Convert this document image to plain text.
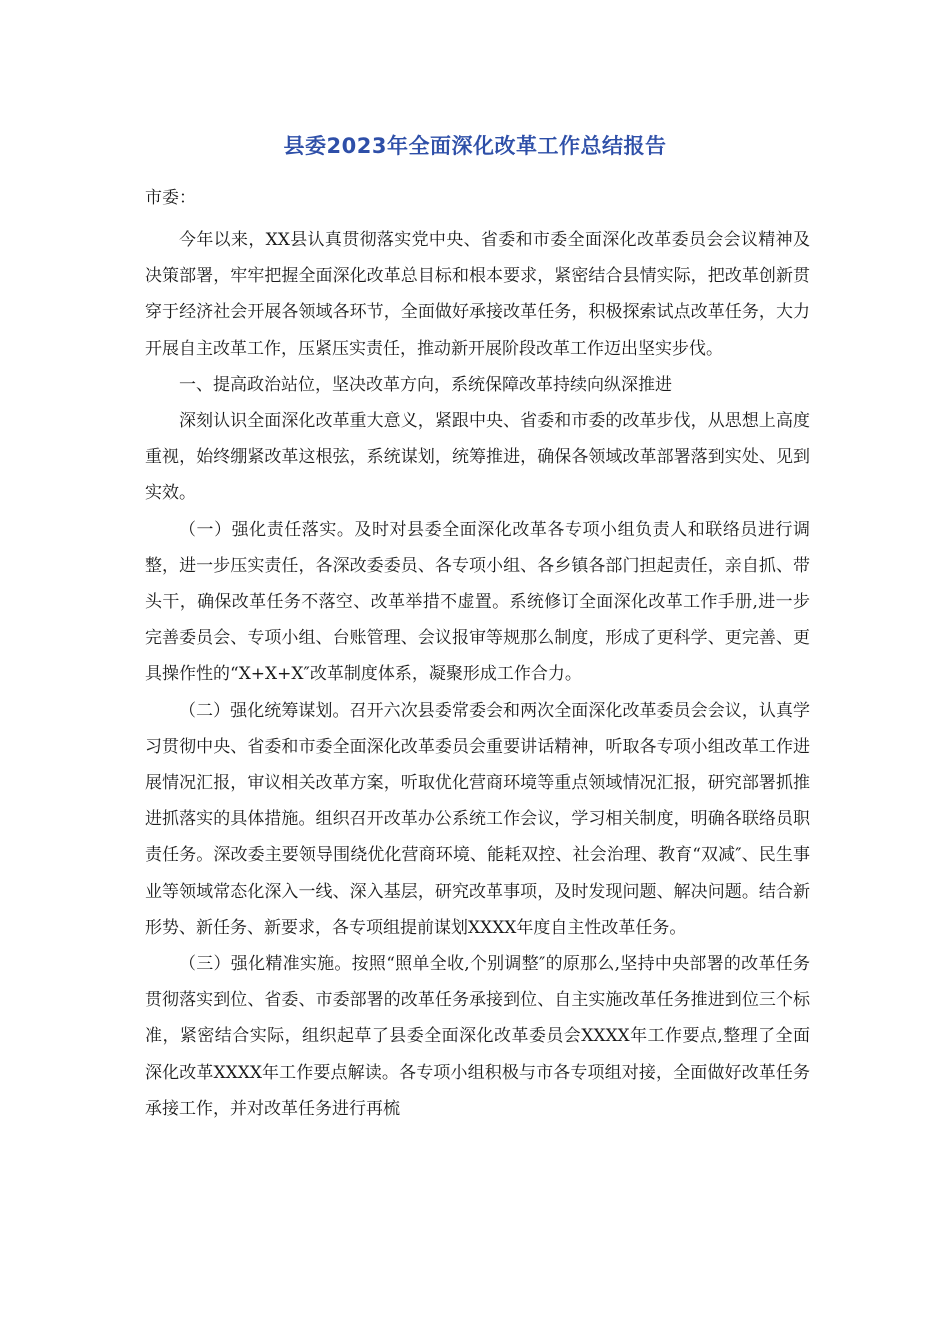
县委2023年全面深化改革工作总结报告

市委：

今年以来，XX县认真贯彻落实党中央、省委和市委全面深化改革委员会会议精神及决策部署，牢牢把握全面深化改革总目标和根本要求，紧密结合县情实际，把改革创新贯穿于经济社会开展各领域各环节，全面做好承接改革任务，积极探索试点改革任务，大力开展自主改革工作，压紧压实责任，推动新开展阶段改革工作迈出坚实步伐。

一、提高政治站位，坚决改革方向，系统保障改革持续向纵深推进

深刻认识全面深化改革重大意义，紧跟中央、省委和市委的改革步伐，从思想上高度重视，始终绷紧改革这根弦，系统谋划，统筹推进，确保各领域改革部署落到实处、见到实效。

（一）强化责任落实。及时对县委全面深化改革各专项小组负责人和联络员进行调整，进一步压实责任，各深改委委员、各专项小组、各乡镇各部门担起责任，亲自抓、带头干，确保改革任务不落空、改革举措不虚置。系统修订全面深化改革工作手册,进一步完善委员会、专项小组、台账管理、会议报审等规那么制度，形成了更科学、更完善、更具操作性的“X+X+X″改革制度体系，凝聚形成工作合力。

（二）强化统筹谋划。召开六次县委常委会和两次全面深化改革委员会会议，认真学习贯彻中央、省委和市委全面深化改革委员会重要讲话精神，听取各专项小组改革工作进展情况汇报，审议相关改革方案，听取优化营商环境等重点领域情况汇报，研究部署抓推进抓落实的具体措施。组织召开改革办公系统工作会议，学习相关制度，明确各联络员职责任务。深改委主要领导围绕优化营商环境、能耗双控、社会治理、教育“双减″、民生事业等领域常态化深入一线、深入基层，研究改革事项，及时发现问题、解决问题。结合新形势、新任务、新要求，各专项组提前谋划XXXX年度自主性改革任务。

（三）强化精准实施。按照“照单全收,个别调整″的原那么,坚持中央部署的改革任务贯彻落实到位、省委、市委部署的改革任务承接到位、自主实施改革任务推进到位三个标准，紧密结合实际，组织起草了县委全面深化改革委员会XXXX年工作要点,整理了全面深化改革XXXX年工作要点解读。各专项小组积极与市各专项组对接，全面做好改革任务承接工作，并对改革任务进行再梳
